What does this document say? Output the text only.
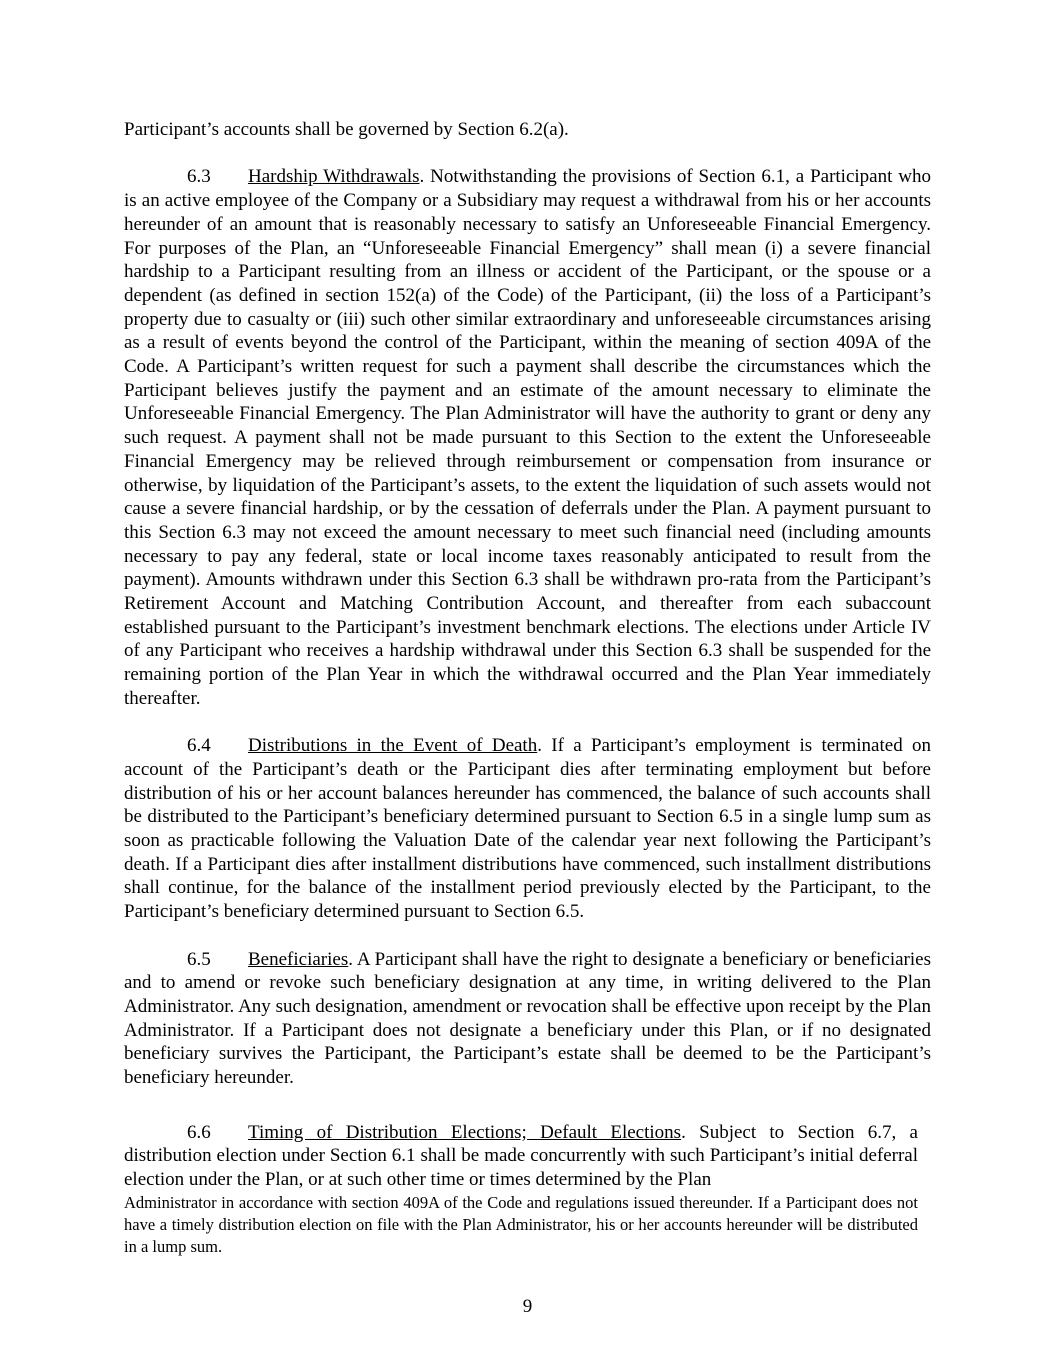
Participant’s accounts shall be governed by Section 6.2(a).

6.3 Hardship Withdrawals. Notwithstanding the provisions of Section 6.1, a Participant who is an active employee of the Company or a Subsidiary may request a withdrawal from his or her accounts hereunder of an amount that is reasonably necessary to satisfy an Unforeseeable Financial Emergency. For purposes of the Plan, an “Unforeseeable Financial Emergency” shall mean (i) a severe financial hardship to a Participant resulting from an illness or accident of the Participant, or the spouse or a dependent (as defined in section 152(a) of the Code) of the Participant, (ii) the loss of a Participant’s property due to casualty or (iii) such other similar extraordinary and unforeseeable circumstances arising as a result of events beyond the control of the Participant, within the meaning of section 409A of the Code. A Participant’s written request for such a payment shall describe the circumstances which the Participant believes justify the payment and an estimate of the amount necessary to eliminate the Unforeseeable Financial Emergency. The Plan Administrator will have the authority to grant or deny any such request. A payment shall not be made pursuant to this Section to the extent the Unforeseeable Financial Emergency may be relieved through reimbursement or compensation from insurance or otherwise, by liquidation of the Participant’s assets, to the extent the liquidation of such assets would not cause a severe financial hardship, or by the cessation of deferrals under the Plan. A payment pursuant to this Section 6.3 may not exceed the amount necessary to meet such financial need (including amounts necessary to pay any federal, state or local income taxes reasonably anticipated to result from the payment). Amounts withdrawn under this Section 6.3 shall be withdrawn pro-rata from the Participant’s Retirement Account and Matching Contribution Account, and thereafter from each subaccount established pursuant to the Participant’s investment benchmark elections. The elections under Article IV of any Participant who receives a hardship withdrawal under this Section 6.3 shall be suspended for the remaining portion of the Plan Year in which the withdrawal occurred and the Plan Year immediately thereafter.

6.4 Distributions in the Event of Death. If a Participant’s employment is terminated on account of the Participant’s death or the Participant dies after terminating employment but before distribution of his or her account balances hereunder has commenced, the balance of such accounts shall be distributed to the Participant’s beneficiary determined pursuant to Section 6.5 in a single lump sum as soon as practicable following the Valuation Date of the calendar year next following the Participant’s death. If a Participant dies after installment distributions have commenced, such installment distributions shall continue, for the balance of the installment period previously elected by the Participant, to the Participant’s beneficiary determined pursuant to Section 6.5.

6.5 Beneficiaries. A Participant shall have the right to designate a beneficiary or beneficiaries and to amend or revoke such beneficiary designation at any time, in writing delivered to the Plan Administrator. Any such designation, amendment or revocation shall be effective upon receipt by the Plan Administrator. If a Participant does not designate a beneficiary under this Plan, or if no designated beneficiary survives the Participant, the Participant’s estate shall be deemed to be the Participant’s beneficiary hereunder.

6.6 Timing of Distribution Elections; Default Elections. Subject to Section 6.7, a distribution election under Section 6.1 shall be made concurrently with such Participant’s initial deferral election under the Plan, or at such other time or times determined by the Plan

Administrator in accordance with section 409A of the Code and regulations issued thereunder. If a Participant does not have a timely distribution election on file with the Plan Administrator, his or her accounts hereunder will be distributed in a lump sum.

9
